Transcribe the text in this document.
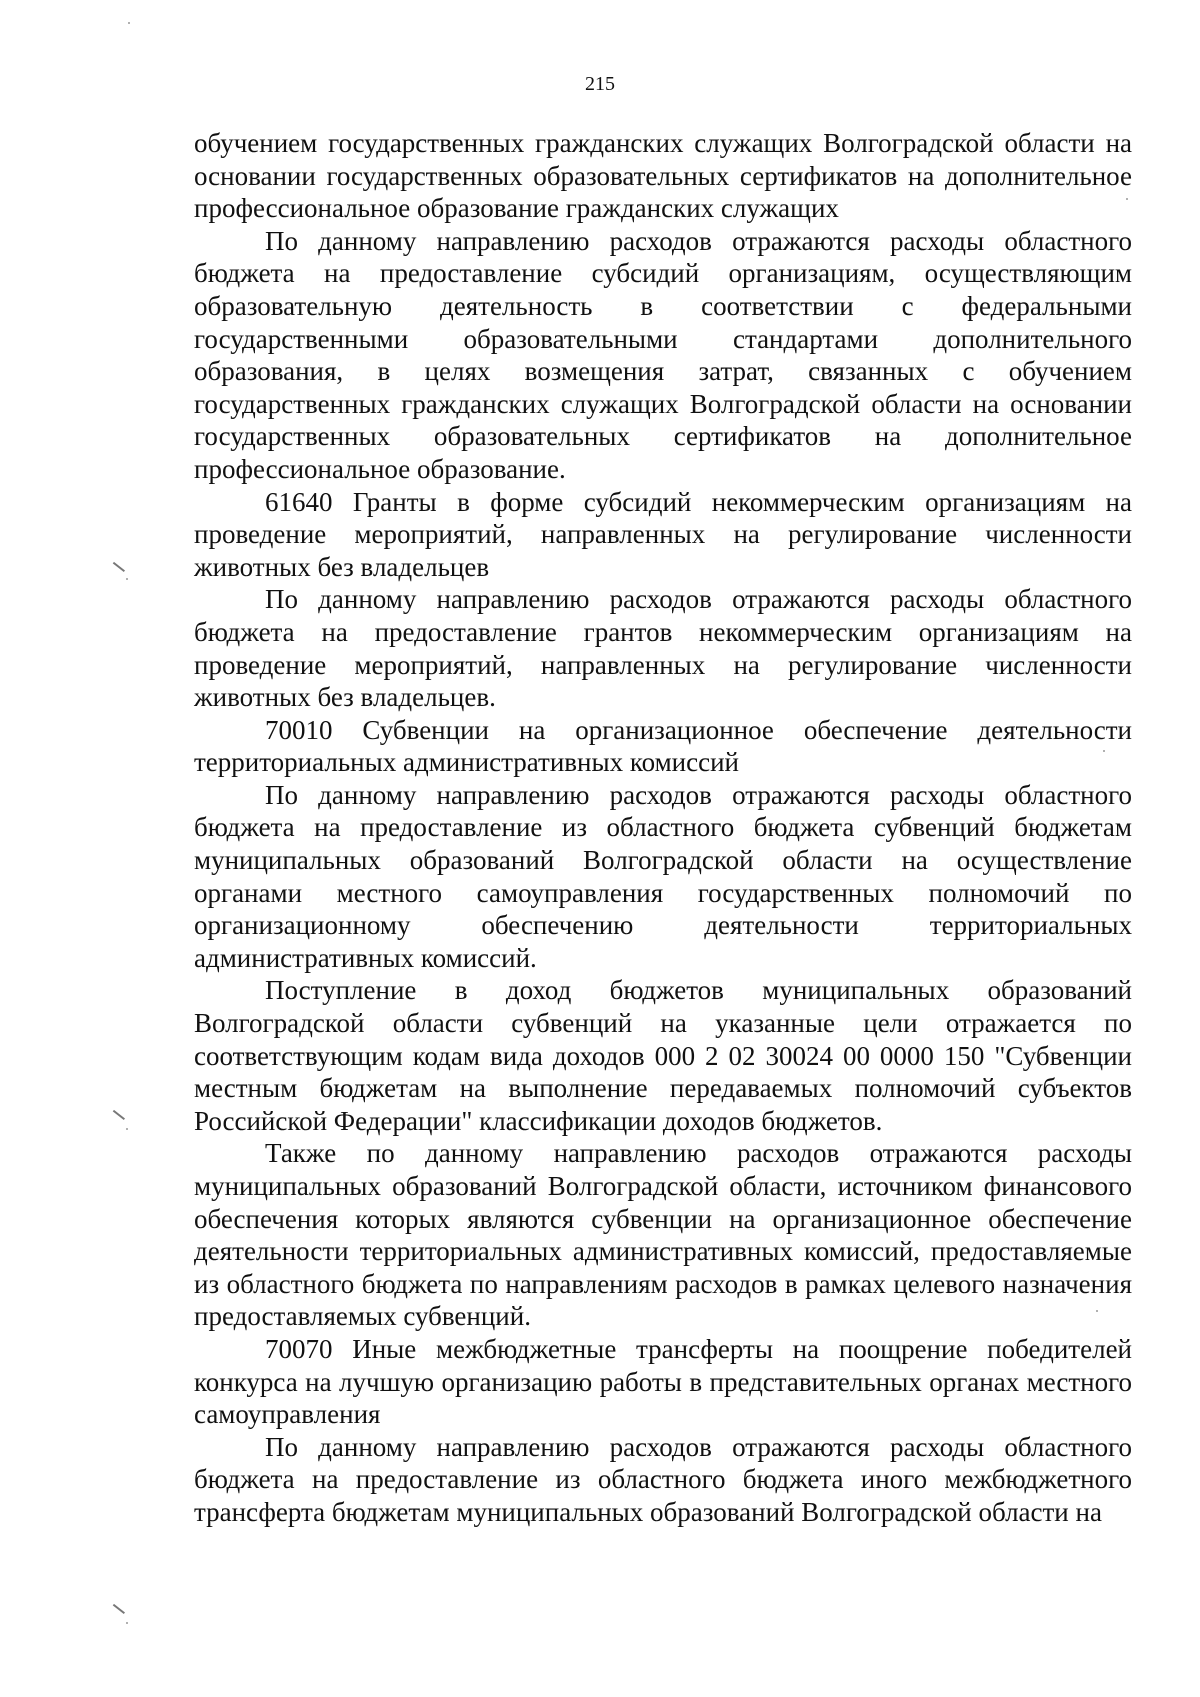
215

обучением государственных гражданских служащих Волгоградской области на основании государственных образовательных сертификатов на дополнительное профессиональное образование гражданских служащих

По данному направлению расходов отражаются расходы областного бюджета на предоставление субсидий организациям, осуществляющим образовательную деятельность в соответствии с федеральными государственными образовательными стандартами дополнительного образования, в целях возмещения затрат, связанных с обучением государственных гражданских служащих Волгоградской области на основании государственных образовательных сертификатов на дополнительное профессиональное образование.

61640 Гранты в форме субсидий некоммерческим организациям на проведение мероприятий, направленных на регулирование численности животных без владельцев

По данному направлению расходов отражаются расходы областного бюджета на предоставление грантов некоммерческим организациям на проведение мероприятий, направленных на регулирование численности животных без владельцев.

70010 Субвенции на организационное обеспечение деятельности территориальных административных комиссий

По данному направлению расходов отражаются расходы областного бюджета на предоставление из областного бюджета субвенций бюджетам муниципальных образований Волгоградской области на осуществление органами местного самоуправления государственных полномочий по организационному обеспечению деятельности территориальных административных комиссий.

Поступление в доход бюджетов муниципальных образований Волгоградской области субвенций на указанные цели отражается по соответствующим кодам вида доходов 000 2 02 30024 00 0000 150 "Субвенции местным бюджетам на выполнение передаваемых полномочий субъектов Российской Федерации" классификации доходов бюджетов.

Также по данному направлению расходов отражаются расходы муниципальных образований Волгоградской области, источником финансового обеспечения которых являются субвенции на организационное обеспечение деятельности территориальных административных комиссий, предоставляемые из областного бюджета по направлениям расходов в рамках целевого назначения предоставляемых субвенций.

70070 Иные межбюджетные трансферты на поощрение победителей конкурса на лучшую организацию работы в представительных органах местного самоуправления

По данному направлению расходов отражаются расходы областного бюджета на предоставление из областного бюджета иного межбюджетного трансферта бюджетам муниципальных образований Волгоградской области на
